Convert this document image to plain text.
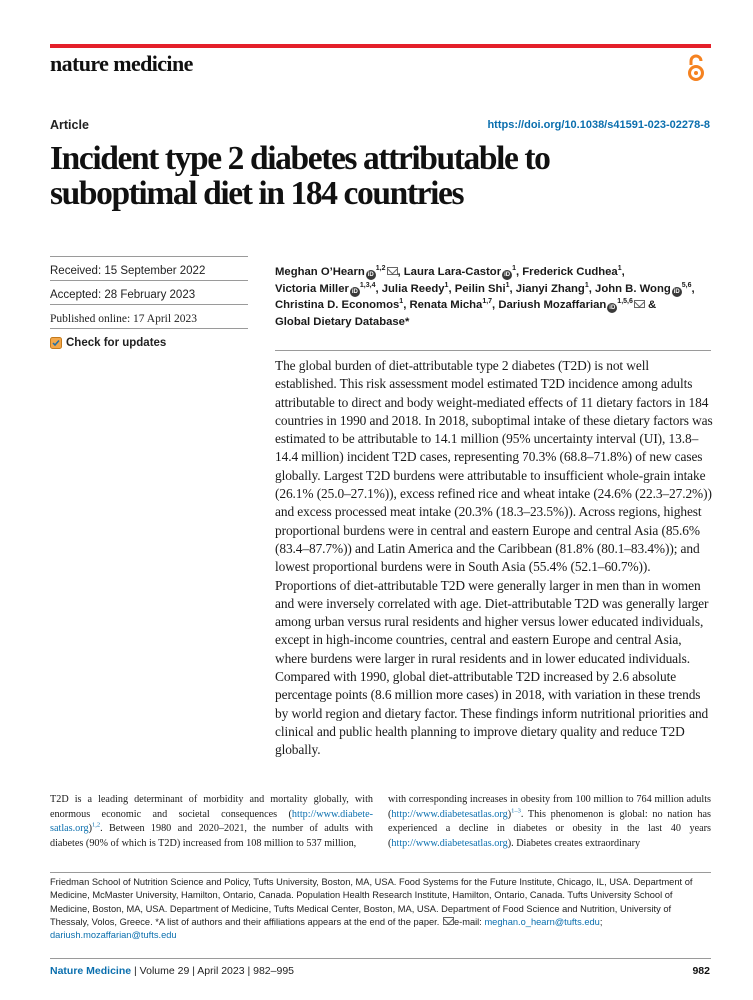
nature medicine
Article	https://doi.org/10.1038/s41591-023-02278-8
Incident type 2 diabetes attributable to
suboptimal diet in 184 countries
Received: 15 September 2022
Accepted: 28 February 2023
Published online: 17 April 2023
Check for updates
Meghan O’Hearn iD$^{1,2}$ , Laura Lara-Castor $iD^1$, Frederick Cudhea$^1$,
Victoria Miller iD$^{1,3,4}$, Julia Reedy$^1$, Peilin Shi$^1$, Jianyi Zhang$^1$, John B. Wong iD$^{5,6}$,
Christina D. Economos$^1$, Renata Micha$^{1,7}$, Dariush Mozaffarian iD$^{1,5,6}$ &
Global Dietary Database*
The global burden of diet-attributable type 2 diabetes (T2D) is not well established. This risk assessment model estimated T2D incidence among adults attributable to direct and body weight-mediated effects of 11 dietary factors in 184 countries in 1990 and 2018. In 2018, suboptimal intake of these dietary factors was estimated to be attributable to 14.1 million (95% uncertainty interval (UI), 13.8–14.4 million) incident T2D cases, representing 70.3% (68.8–71.8%) of new cases globally. Largest T2D burdens were attributable to insufficient whole-grain intake (26.1% (25.0–27.1%)), excess refined rice and wheat intake (24.6% (22.3–27.2%)) and excess processed meat intake (20.3% (18.3–23.5%)). Across regions, highest proportional burdens were in central and eastern Europe and central Asia (85.6% (83.4–87.7%)) and Latin America and the Caribbean (81.8% (80.1–83.4%)); and lowest proportional burdens were in South Asia (55.4% (52.1–60.7%)). Proportions of diet-attributable T2D were generally larger in men than in women and were inversely correlated with age. Diet-attributable T2D was generally larger among urban versus rural residents and higher versus lower educated individuals, except in high-income countries, central and eastern Europe and central Asia, where burdens were larger in rural residents and in lower educated individuals. Compared with 1990, global diet-attributable T2D increased by 2.6 absolute percentage points (8.6 million more cases) in 2018, with variation in these trends by world region and dietary factor. These findings inform nutritional priorities and clinical and public health planning to improve dietary quality and reduce T2D globally.
T2D is a leading determinant of morbidity and mortality globally, with enormous economic and societal consequences (http://www.diabete-satlas.org)$^{1,2}$. Between 1980 and 2020–2021, the number of adults with diabetes (90% of which is T2D) increased from 108 million to 537 million,
with corresponding increases in obesity from 100 million to 764 million adults (http://www.diabetesatlas.org)$^{1-3}$. This phenomenon is global: no nation has experienced a decline in diabetes or obesity in the last 40 years (http://www.diabetesatlas.org). Diabetes creates extraordinary
Friedman School of Nutrition Science and Policy, Tufts University, Boston, MA, USA. Food Systems for the Future Institute, Chicago, IL, USA. Department of Medicine, McMaster University, Hamilton, Ontario, Canada. Population Health Research Institute, Hamilton, Ontario, Canada. Tufts University School of Medicine, Boston, MA, USA. Department of Medicine, Tufts Medical Center, Boston, MA, USA. Department of Food Science and Nutrition, University of Thessaly, Volos, Greece. *A list of authors and their affiliations appears at the end of the paper. e-mail: meghan.o_hearn@tufts.edu; dariush.mozaffarian@tufts.edu
Nature Medicine | Volume 29 | April 2023 | 982–995	982
